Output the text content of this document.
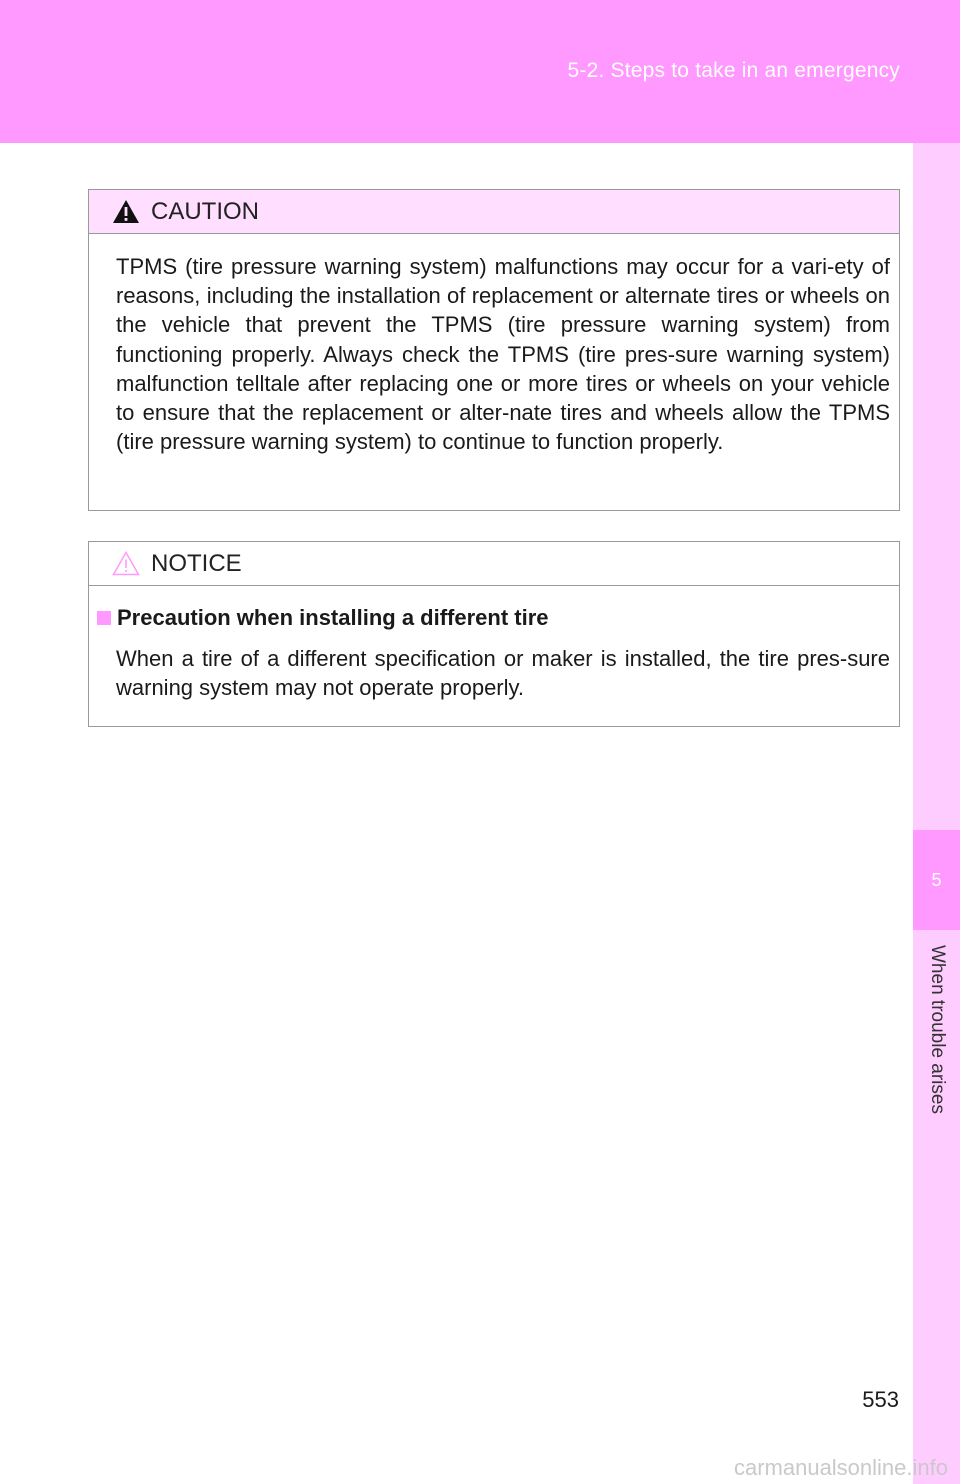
5-2. Steps to take in an emergency
5
When trouble arises
CAUTION
TPMS (tire pressure warning system) malfunctions may occur for a vari-ety of reasons, including the installation of replacement or alternate tires or wheels on the vehicle that prevent the TPMS (tire pressure warning system) from functioning properly. Always check the TPMS (tire pres-sure warning system) malfunction telltale after replacing one or more tires or wheels on your vehicle to ensure that the replacement or alter-nate tires and wheels allow the TPMS (tire pressure warning system) to continue to function properly.
NOTICE
Precaution when installing a different tire
When a tire of a different specification or maker is installed, the tire pres-sure warning system may not operate properly.
553
carmanualsonline.info
